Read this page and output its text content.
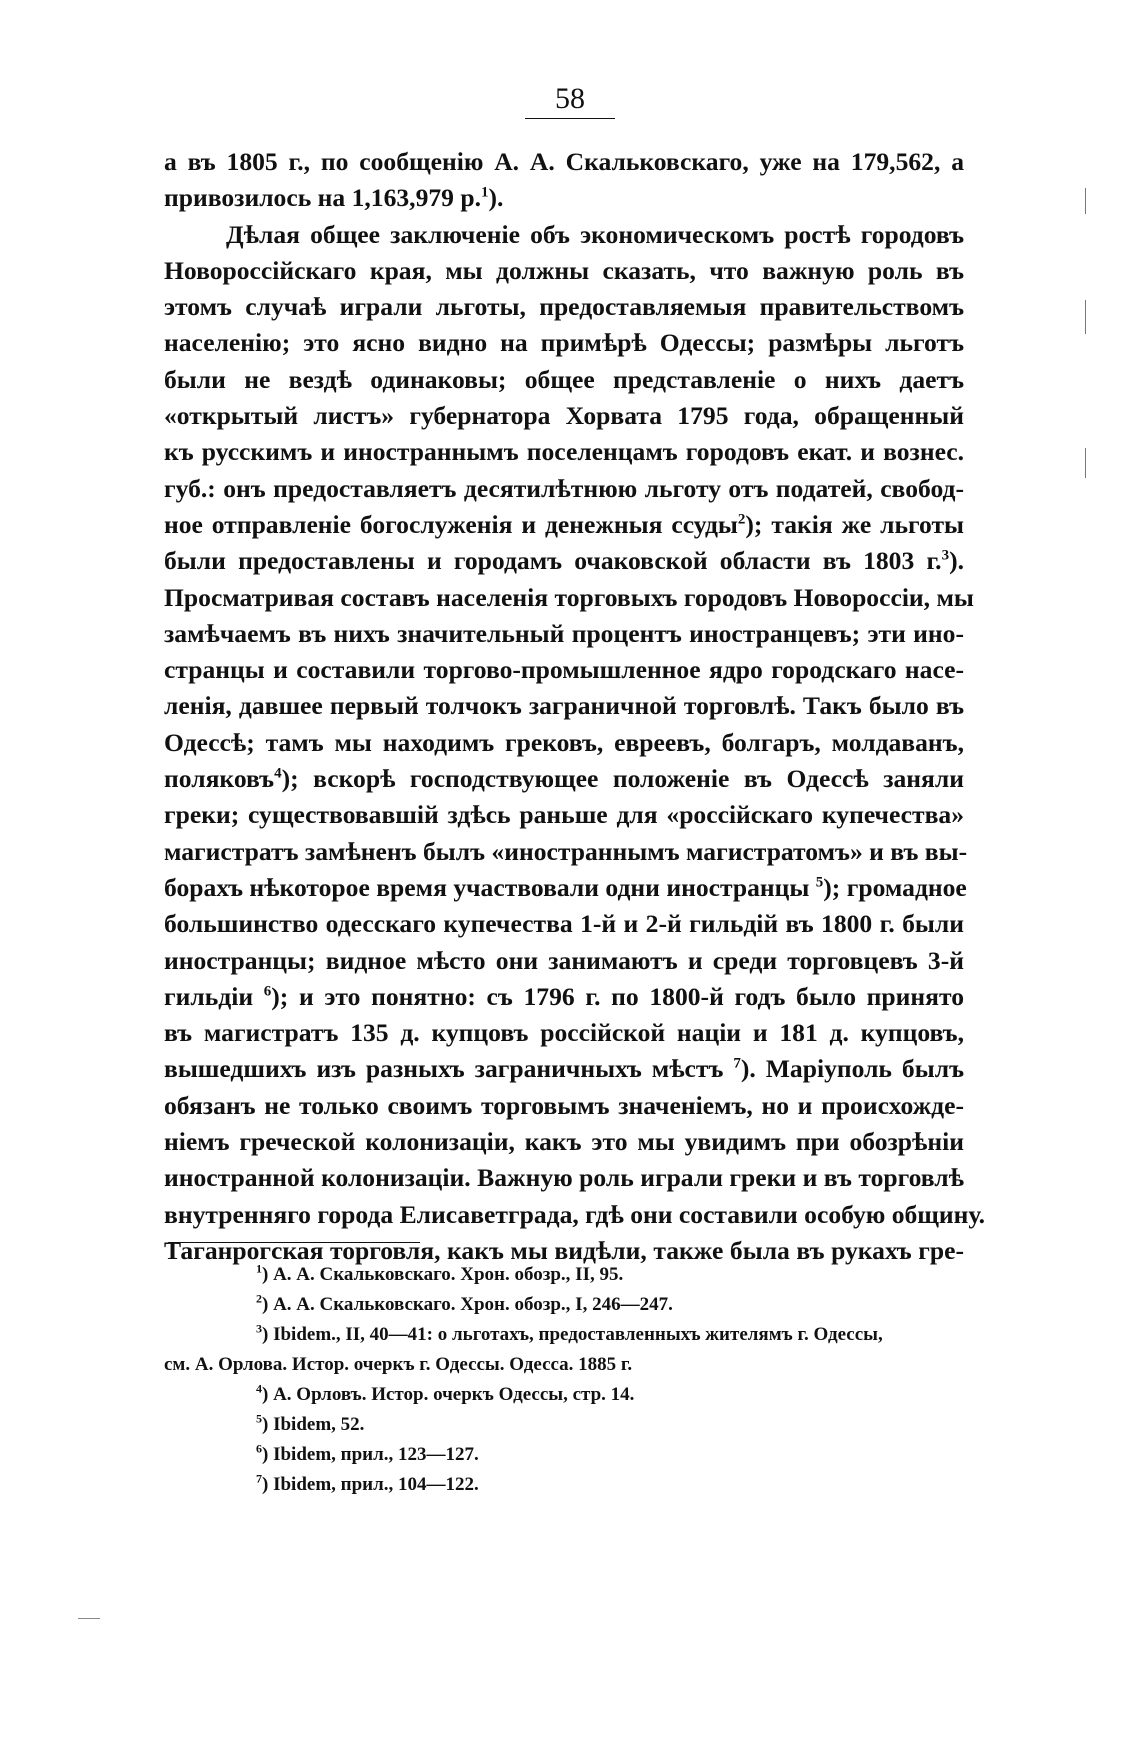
58
а въ 1805 г., по сообщенію А. А. Скальковскаго, уже на 179,562, а
привозилось на 1,163,979 р.$^1$).
Дѣлая общее заключеніе объ экономическомъ ростѣ городовъ
Новороссійскаго края, мы должны сказать, что важную роль въ
этомъ случаѣ играли льготы, предоставляемыя правительствомъ
населенію; это ясно видно на примѣрѣ Одессы; размѣры льготъ
были не вездѣ одинаковы; общее представленіе о нихъ даетъ
«открытый листъ» губернатора Хорвата 1795 года, обращенный
къ русскимъ и иностраннымъ поселенцамъ городовъ екат. и вознес.
губ.: онъ предоставляетъ десятилѣтнюю льготу отъ податей, свобод-
ное отправленіе богослуженія и денежныя ссуды$^2$); такія же льготы
были предоставлены и городамъ очаковской области въ 1803 г.$^3$).
Просматривая составъ населенія торговыхъ городовъ Новороссіи, мы
замѣчаемъ въ нихъ значительный процентъ иностранцевъ; эти ино-
странцы и составили торгово-промышленное ядро городскаго насе-
ленія, давшее первый толчокъ заграничной торговлѣ. Такъ было въ
Одессѣ; тамъ мы находимъ грековъ, евреевъ, болгаръ, молдаванъ,
поляковъ$^4$); вскорѣ господствующее положеніе въ Одессѣ заняли
греки; существовавшій здѣсь раньше для «россійскаго купечества»
магистратъ замѣненъ былъ «иностраннымъ магистратомъ» и въ вы-
борахъ нѣкоторое время участвовали одни иностранцы $^5$); громадное
большинство одесскаго купечества 1-й и 2-й гильдій въ 1800 г. были
иностранцы; видное мѣсто они занимаютъ и среди торговцевъ 3-й
гильдіи $^6$); и это понятно: съ 1796 г. по 1800-й годъ было принято
въ магистратъ 135 д. купцовъ россійской націи и 181 д. купцовъ,
вышедшихъ изъ разныхъ заграничныхъ мѣстъ $^7$). Маріуполь былъ
обязанъ не только своимъ торговымъ значеніемъ, но и происхожде-
ніемъ греческой колонизаціи, какъ это мы увидимъ при обозрѣніи
иностранной колонизаціи. Важную роль играли греки и въ торговлѣ
внутренняго города Елисаветграда, гдѣ они составили особую общину.
Таганрогская торговля, какъ мы видѣли, также была въ рукахъ гре-
$^1$) А. А. Скальковскаго. Хрон. обозр., II, 95.
$^2$) А. А. Скальковскаго. Хрон. обозр., I, 246—247.
$^3$) Ibidem., II, 40—41: о льготахъ, предоставленныхъ жителямъ г. Одессы,
см. А. Орлова. Истор. очеркъ г. Одессы. Одесса. 1885 г.
$^4$) А. Орловъ. Истор. очеркъ Одессы, стр. 14.
$^5$) Ibidem, 52.
$^6$) Ibidem, прил., 123—127.
$^7$) Ibidem, прил., 104—122.
